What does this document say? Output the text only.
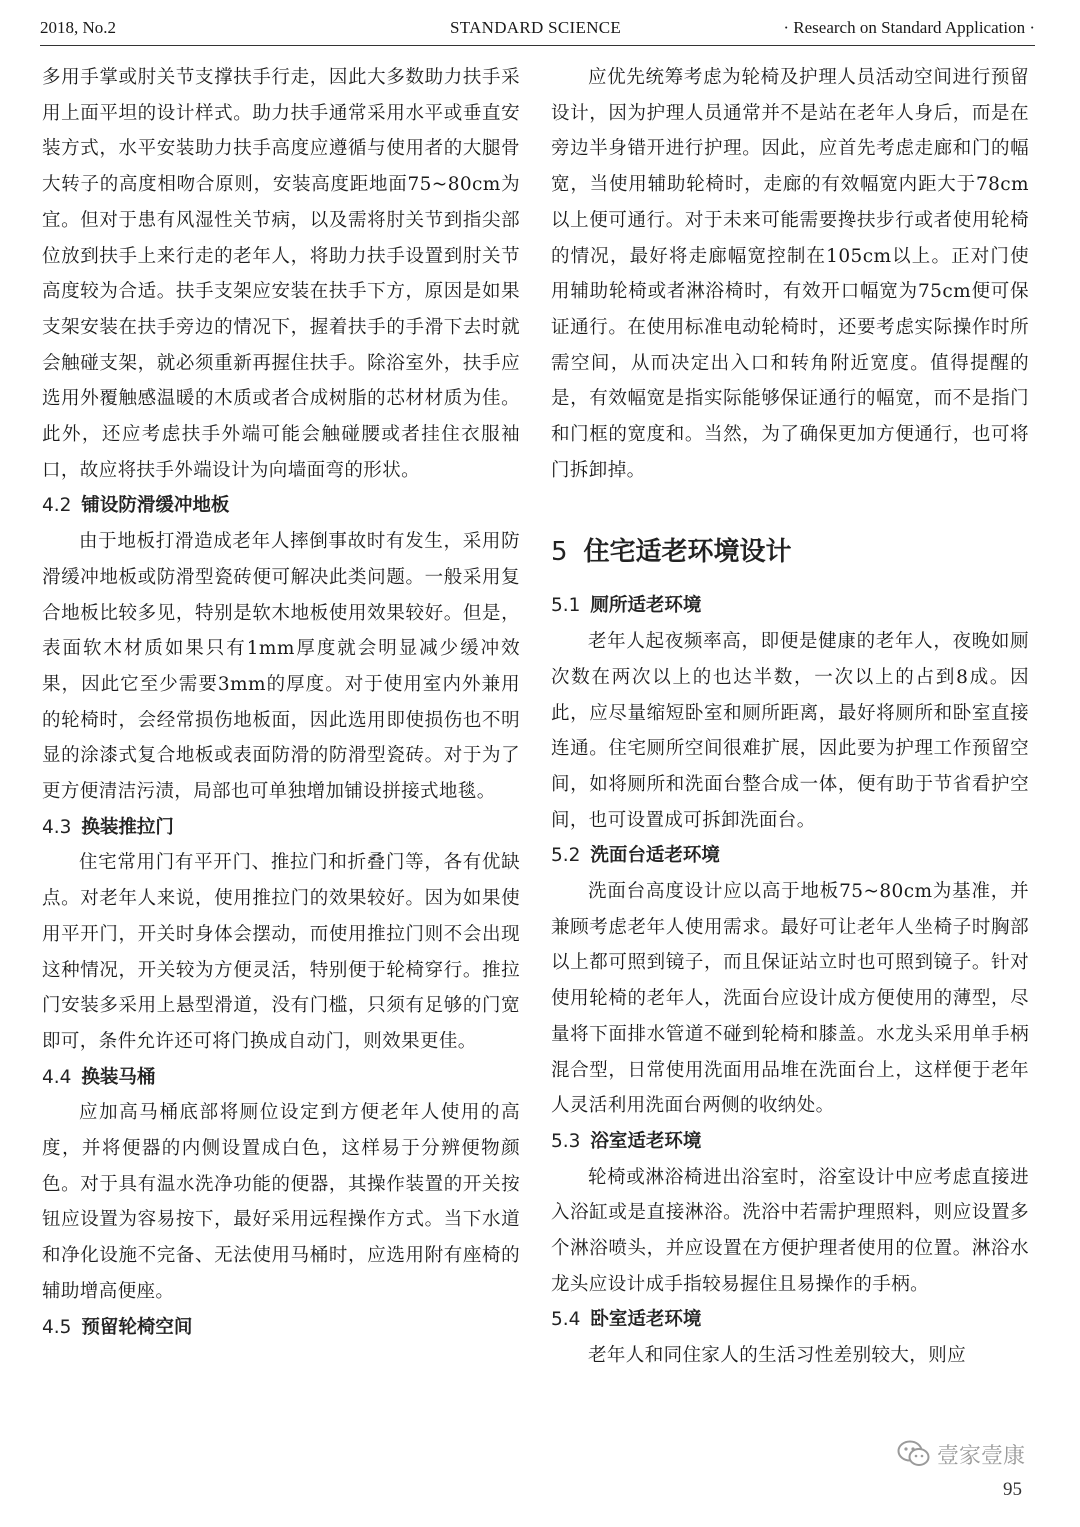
2018, No.2	STANDARD SCIENCE	· Research on Standard Application ·

多用手掌或肘关节支撑扶手行走，因此大多数助力扶手采用上面平坦的设计样式。助力扶手通常采用水平或垂直安装方式，水平安装助力扶手高度应遵循与使用者的大腿骨大转子的高度相吻合原则，安装高度距地面75~80cm为宜。但对于患有风湿性关节病，以及需将肘关节到指尖部位放到扶手上来行走的老年人，将助力扶手设置到肘关节高度较为合适。扶手支架应安装在扶手下方，原因是如果支架安装在扶手旁边的情况下，握着扶手的手滑下去时就会触碰支架，就必须重新再握住扶手。除浴室外，扶手应选用外覆触感温暖的木质或者合成树脂的芯材材质为佳。此外，还应考虑扶手外端可能会触碰腰或者挂住衣服袖口，故应将扶手外端设计为向墙面弯的形状。

4.2 铺设防滑缓冲地板

由于地板打滑造成老年人摔倒事故时有发生，采用防滑缓冲地板或防滑型瓷砖便可解决此类问题。一般采用复合地板比较多见，特别是软木地板使用效果较好。但是，表面软木材质如果只有1mm厚度就会明显减少缓冲效果，因此它至少需要3mm的厚度。对于使用室内外兼用的轮椅时，会经常损伤地板面，因此选用即使损伤也不明显的涂漆式复合地板或表面防滑的防滑型瓷砖。对于为了更方便清洁污渍，局部也可单独增加铺设拼接式地毯。

4.3 换装推拉门

住宅常用门有平开门、推拉门和折叠门等，各有优缺点。对老年人来说，使用推拉门的效果较好。因为如果使用平开门，开关时身体会摆动，而使用推拉门则不会出现这种情况，开关较为方便灵活，特别便于轮椅穿行。推拉门安装多采用上悬型滑道，没有门槛，只须有足够的门宽即可，条件允许还可将门换成自动门，则效果更佳。

4.4 换装马桶

应加高马桶底部将厕位设定到方便老年人使用的高度，并将便器的内侧设置成白色，这样易于分辨便物颜色。对于具有温水洗净功能的便器，其操作装置的开关按钮应设置为容易按下，最好采用远程操作方式。当下水道和净化设施不完备、无法使用马桶时，应选用附有座椅的辅助增高便座。

4.5 预留轮椅空间

应优先统筹考虑为轮椅及护理人员活动空间进行预留设计，因为护理人员通常并不是站在老年人身后，而是在旁边半身错开进行护理。因此，应首先考虑走廊和门的幅宽，当使用辅助轮椅时，走廊的有效幅宽内距大于78cm以上便可通行。对于未来可能需要搀扶步行或者使用轮椅的情况，最好将走廊幅宽控制在105cm以上。正对门使用辅助轮椅或者淋浴椅时，有效开口幅宽为75cm便可保证通行。在使用标准电动轮椅时，还要考虑实际操作时所需空间，从而决定出入口和转角附近宽度。值得提醒的是，有效幅宽是指实际能够保证通行的幅宽，而不是指门和门框的宽度和。当然，为了确保更加方便通行，也可将门拆卸掉。

5 住宅适老环境设计
5.1 厕所适老环境

老年人起夜频率高，即便是健康的老年人，夜晚如厕次数在两次以上的也达半数，一次以上的占到8成。因此，应尽量缩短卧室和厕所距离，最好将厕所和卧室直接连通。住宅厕所空间很难扩展，因此要为护理工作预留空间，如将厕所和洗面台整合成一体，便有助于节省看护空间，也可设置成可拆卸洗面台。

5.2 洗面台适老环境

洗面台高度设计应以高于地板75~80cm为基准，并兼顾考虑老年人使用需求。最好可让老年人坐椅子时胸部以上都可照到镜子，而且保证站立时也可照到镜子。针对使用轮椅的老年人，洗面台应设计成方便使用的薄型，尽量将下面排水管道不碰到轮椅和膝盖。水龙头采用单手柄混合型，日常使用洗面用品堆在洗面台上，这样便于老年人灵活利用洗面台两侧的收纳处。

5.3 浴室适老环境

轮椅或淋浴椅进出浴室时，浴室设计中应考虑直接进入浴缸或是直接淋浴。洗浴中若需护理照料，则应设置多个淋浴喷头，并应设置在方便护理者使用的位置。淋浴水龙头应设计成手指较易握住且易操作的手柄。

5.4 卧室适老环境

老年人和同住家人的生活习性差别较大，则应

壹家壹康
95
